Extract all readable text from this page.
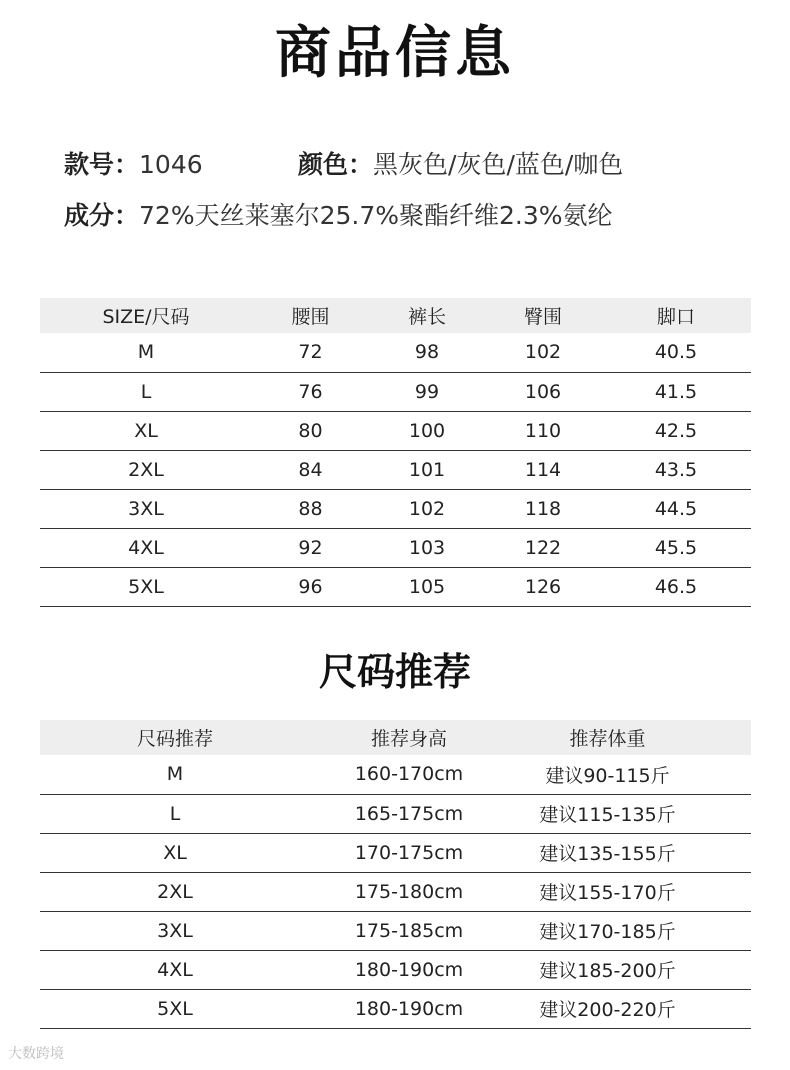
商品信息
款号：1046	颜色：黑灰色/灰色/蓝色/咖色
成分：72%天丝莱塞尔25.7%聚酯纤维2.3%氨纶
SIZE/尺码	腰围	裤长	臀围	脚口
M	72	98	102	40.5
L	76	99	106	41.5
XL	80	100	110	42.5
2XL	84	101	114	43.5
3XL	88	102	118	44.5
4XL	92	103	122	45.5
5XL	96	105	126	46.5
尺码推荐
尺码推荐	推荐身高	推荐体重	
M	160-170cm	建议90-115斤	
L	165-175cm	建议115-135斤	
XL	170-175cm	建议135-155斤	
2XL	175-180cm	建议155-170斤	
3XL	175-185cm	建议170-185斤	
4XL	180-190cm	建议185-200斤	
5XL	180-190cm	建议200-220斤	
大数跨境
